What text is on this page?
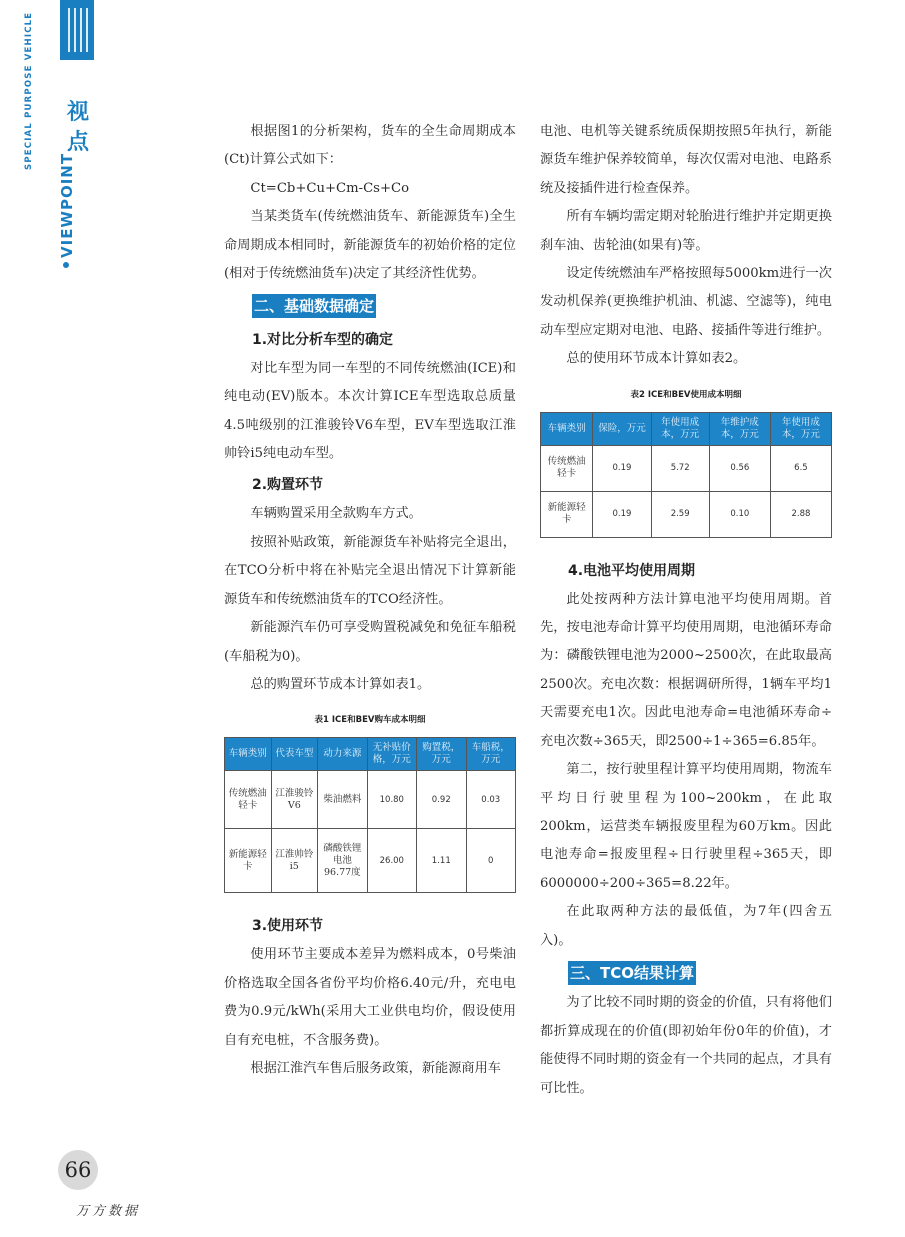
SPECIAL PURPOSE VEHICLE
VIEWPOINT
视点	根据图1的分析架构，货车的全生命周期成本(Ct)计算公式如下：

Ct=Cb+Cu+Cm-Cs+Co

当某类货车(传统燃油货车、新能源货车)全生命周期成本相同时，新能源货车的初始价格的定位(相对于传统燃油货车)决定了其经济性优势。

二、基础数据确定
1.对比分析车型的确定

对比车型为同一车型的不同传统燃油(ICE)和纯电动(EV)版本。本次计算ICE车型选取总质量4.5吨级别的江淮骏铃V6车型，EV车型选取江淮帅铃i5纯电动车型。

2.购置环节

车辆购置采用全款购车方式。

按照补贴政策，新能源货车补贴将完全退出，在TCO分析中将在补贴完全退出情况下计算新能源货车和传统燃油货车的TCO经济性。

新能源汽车仍可享受购置税减免和免征车船税(车船税为0)。

总的购置环节成本计算如表1。

表1 ICE和BEV购车成本明细
车辆类别	代表车型	动力来源	无补贴价格，万元	购置税，万元	车船税，万元
传统燃油轻卡	江淮骏铃V6	柴油燃料	10.80	0.92	0.03
新能源轻卡	江淮帅铃i5	磷酸铁锂电池96.77度	26.00	1.11	0
3.使用环节

使用环节主要成本差异为燃料成本，0号柴油价格选取全国各省份平均价格6.40元/升，充电电费为0.9元/kWh(采用大工业供电均价，假设使用自有充电桩，不含服务费)。

根据江淮汽车售后服务政策，新能源商用车

电池、电机等关键系统质保期按照5年执行，新能源货车维护保养较简单，每次仅需对电池、电路系统及接插件进行检查保养。

所有车辆均需定期对轮胎进行维护并定期更换刹车油、齿轮油(如果有)等。

设定传统燃油车严格按照每5000km进行一次发动机保养(更换维护机油、机滤、空滤等)，纯电动车型应定期对电池、电路、接插件等进行维护。

总的使用环节成本计算如表2。

表2 ICE和BEV使用成本明细
车辆类别	保险，万元	年使用成本，万元	年维护成本，万元	年使用成本，万元
传统燃油轻卡	0.19	5.72	0.56	6.5
新能源轻卡	0.19	2.59	0.10	2.88
4.电池平均使用周期

此处按两种方法计算电池平均使用周期。首先，按电池寿命计算平均使用周期，电池循环寿命为：磷酸铁锂电池为2000~2500次，在此取最高2500次。充电次数：根据调研所得，1辆车平均1天需要充电1次。因此电池寿命=电池循环寿命÷充电次数÷365天，即2500÷1÷365=6.85年。

第二，按行驶里程计算平均使用周期，物流车平均日行驶里程为100~200km，在此取200km，运营类车辆报废里程为60万km。因此电池寿命=报废里程÷日行驶里程÷365天，即6000000÷200÷365=8.22年。

在此取两种方法的最低值，为7年(四舍五入)。

三、TCO结果计算

为了比较不同时期的资金的价值，只有将他们都折算成现在的价值(即初始年份0年的价值)，才能使得不同时期的资金有一个共同的起点，才具有可比性。

66
万方数据
